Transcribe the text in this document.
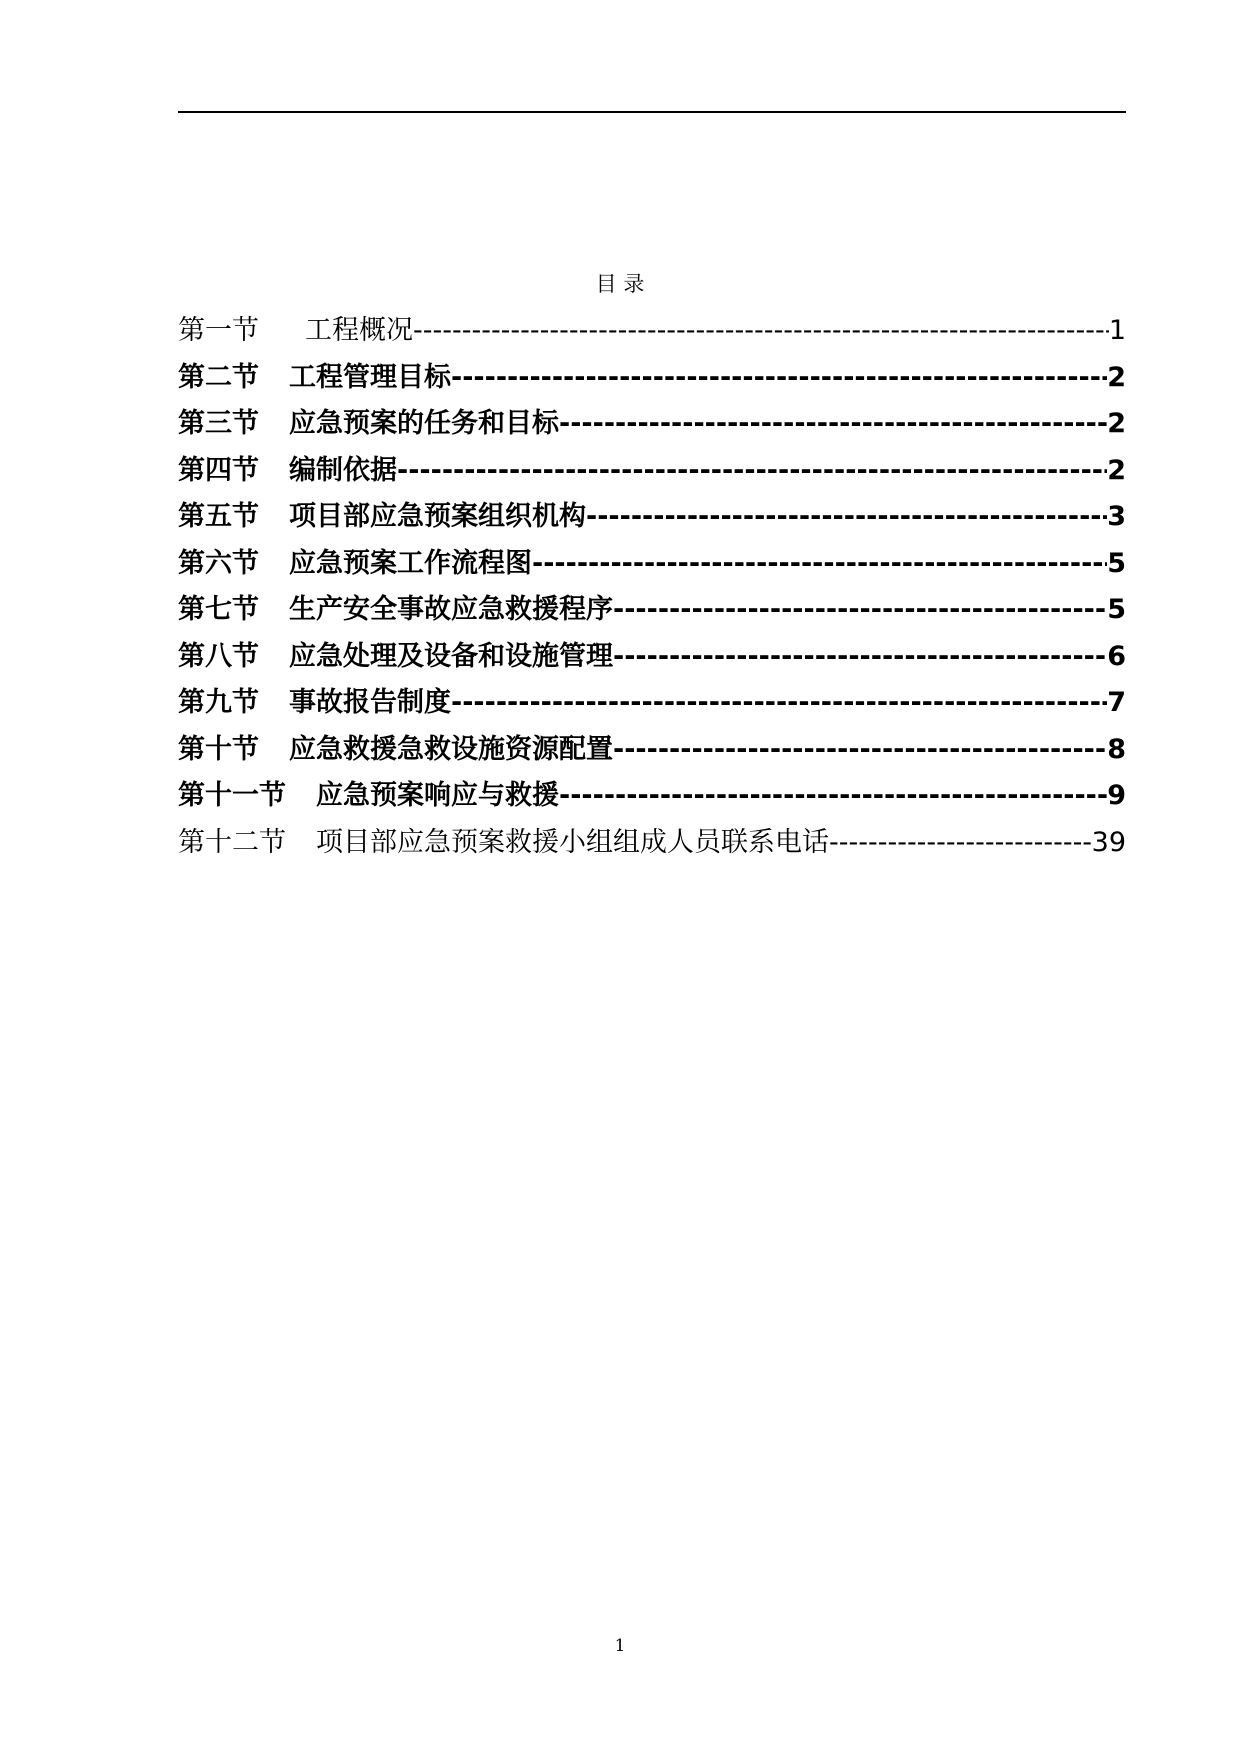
目 录
第一节 工程概况 -----	1
第二节 工程管理目标 -----	2
第三节 应急预案的任务和目标 -----	2
第四节 编制依据 -----	2
第五节 项目部应急预案组织机构 -----	3
第六节 应急预案工作流程图 -----	5
第七节 生产安全事故应急救援程序 -----	5
第八节 应急处理及设备和设施管理 -----	6
第九节 事故报告制度 -----	7
第十节 应急救援急救设施资源配置 -----	8
第十一节 应急预案响应与救援 -----	9
第十二节 项目部应急预案救援小组组成人员联系电话 -----	39
1
